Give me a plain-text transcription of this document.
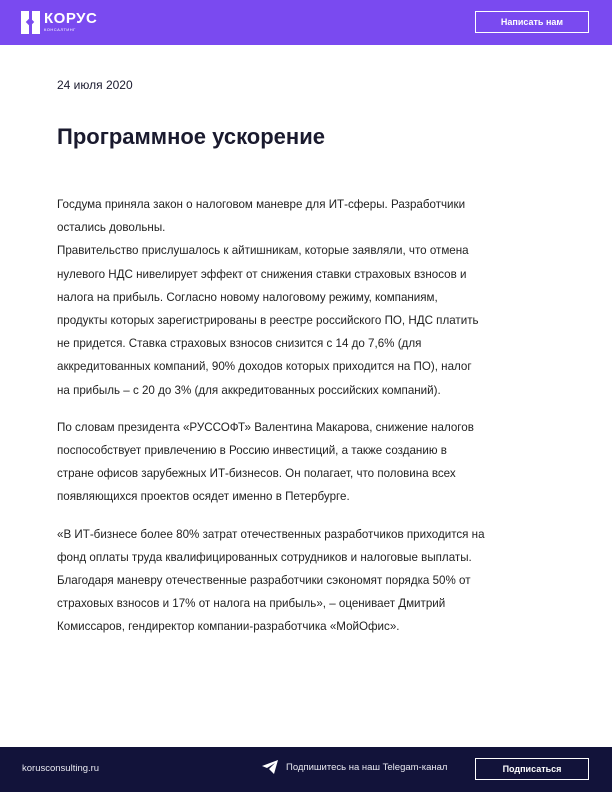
КОРУС
КОНСАЛТИНГ
Написать нам
24 июля 2020
Программное ускорение

Госдума приняла закон о налоговом маневре для ИТ-сферы. Разработчики
остались довольны.
Правительство прислушалось к айтишникам, которые заявляли, что отмена
нулевого НДС нивелирует эффект от снижения ставки страховых взносов и
налога на прибыль. Согласно новому налоговому режиму, компаниям,
продукты которых зарегистрированы в реестре российского ПО, НДС платить
не придется. Ставка страховых взносов снизится с 14 до 7,6% (для
аккредитованных компаний, 90% доходов которых приходится на ПО), налог
на прибыль – с 20 до 3% (для аккредитованных российских компаний).

По словам президента «РУССОФТ» Валентина Макарова, снижение налогов
поспособствует привлечению в Россию инвестиций, а также созданию в
стране офисов зарубежных ИТ-бизнесов. Он полагает, что половина всех
появляющихся проектов осядет именно в Петербурге.

«В ИТ-бизнесе более 80% затрат отечественных разработчиков приходится на
фонд оплаты труда квалифицированных сотрудников и налоговые выплаты.
Благодаря маневру отечественные разработчики сэкономят порядка 50% от
страховых взносов и 17% от налога на прибыль», – оценивает Дмитрий
Комиссаров, гендиректор компании-разработчика «МойОфис».

korusconsulting.ru	Подпишитесь на наш Telegam-канал	Подписаться
